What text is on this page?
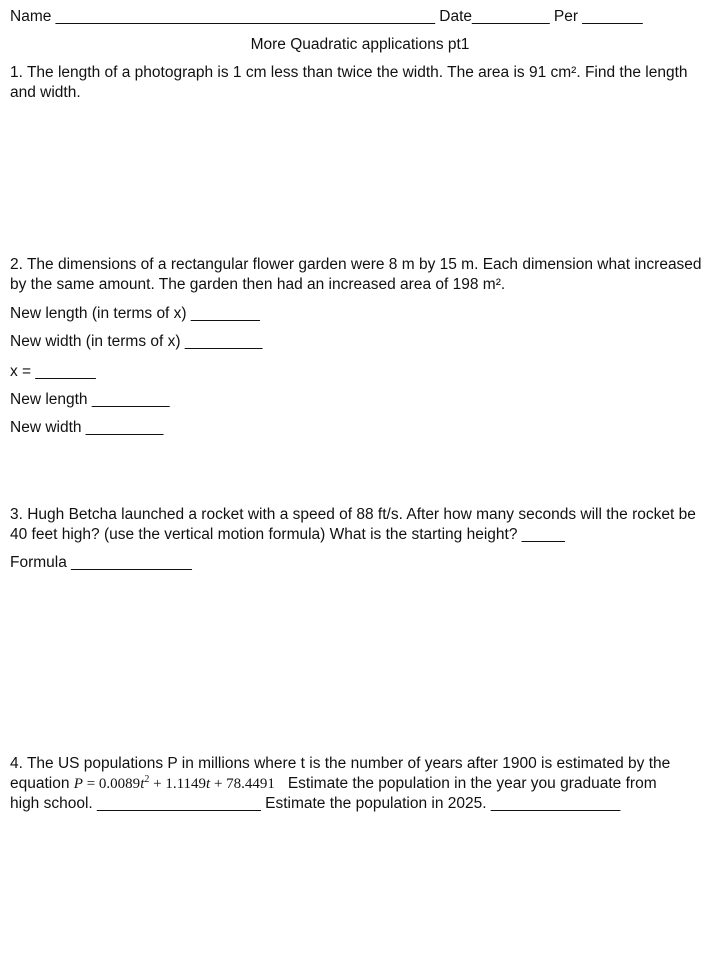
Name ____________________________________________ Date_________ Per _______

More Quadratic applications pt1

1. The length of a photograph is 1 cm less than twice the width. The area is 91 cm². Find the length and width.

2. The dimensions of a rectangular flower garden were 8 m by 15 m. Each dimension what increased by the same amount. The garden then had an increased area of 198 m².

New length (in terms of x) ________

New width (in terms of x) _________

x = _______

New length _________

New width _________

3. Hugh Betcha launched a rocket with a speed of 88 ft/s. After how many seconds will the rocket be 40 feet high? (use the vertical motion formula) What is the starting height? _____

Formula ______________

4. The US populations P in millions where t is the number of years after 1900 is estimated by the

equation $P = 0.0089t^2 + 1.1149t + 78.4491$ Estimate the population in the year you graduate from

high school. ___________________ Estimate the population in 2025. _______________
